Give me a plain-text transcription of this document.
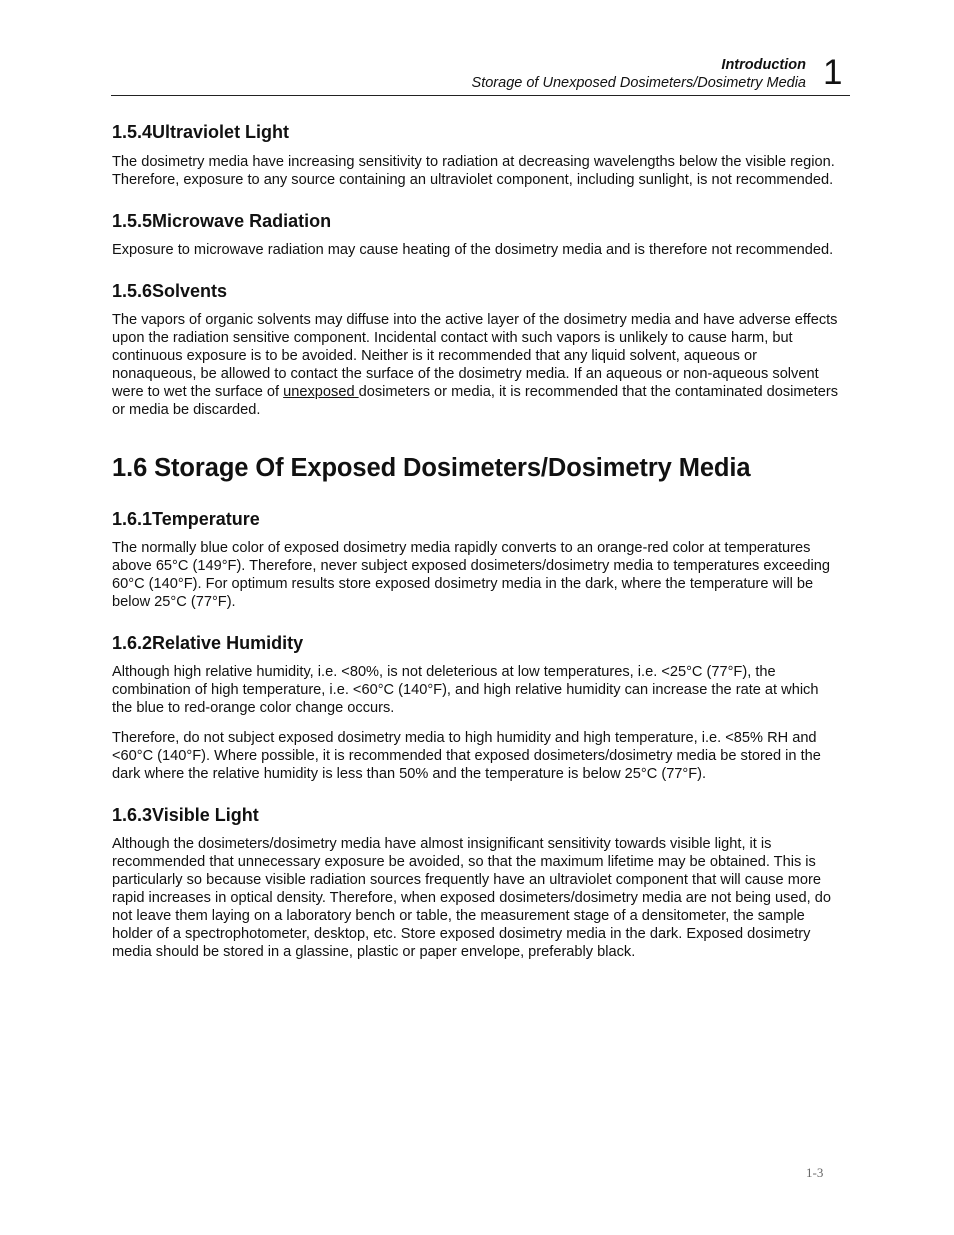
Introduction
Storage of Unexposed Dosimeters/Dosimetry Media 1
1.5.4Ultraviolet Light

The dosimetry media have increasing sensitivity to radiation at decreasing wavelengths below the visible region. Therefore, exposure to any source containing an ultraviolet component, including sunlight, is not recommended.

1.5.5Microwave Radiation

Exposure to microwave radiation may cause heating of the dosimetry media and is therefore not recommended.

1.5.6Solvents

The vapors of organic solvents may diffuse into the active layer of the dosimetry media and have adverse effects upon the radiation sensitive component. Incidental contact with such vapors is unlikely to cause harm, but continuous exposure is to be avoided. Neither is it recommended that any liquid solvent, aqueous or nonaqueous, be allowed to contact the surface of the dosimetry media. If an aqueous or non-aqueous solvent were to wet the surface of unexposed dosimeters or media, it is recommended that the contaminated dosimeters or media be discarded.

1.6 Storage Of Exposed Dosimeters/Dosimetry Media
1.6.1Temperature

The normally blue color of exposed dosimetry media rapidly converts to an orange-red color at temperatures above 65°C (149°F). Therefore, never subject exposed dosimeters/dosimetry media to temperatures exceeding 60°C (140°F). For optimum results store exposed dosimetry media in the dark, where the temperature will be below 25°C (77°F).

1.6.2Relative Humidity

Although high relative humidity, i.e. <80%, is not deleterious at low temperatures, i.e. <25°C (77°F), the combination of high temperature, i.e. <60°C (140°F), and high relative humidity can increase the rate at which the blue to red-orange color change occurs.

Therefore, do not subject exposed dosimetry media to high humidity and high temperature, i.e. <85% RH and <60°C (140°F). Where possible, it is recommended that exposed dosimeters/dosimetry media be stored in the dark where the relative humidity is less than 50% and the temperature is below 25°C (77°F).

1.6.3Visible Light

Although the dosimeters/dosimetry media have almost insignificant sensitivity towards visible light, it is recommended that unnecessary exposure be avoided, so that the maximum lifetime may be obtained. This is particularly so because visible radiation sources frequently have an ultraviolet component that will cause more rapid increases in optical density. Therefore, when exposed dosimeters/dosimetry media are not being used, do not leave them laying on a laboratory bench or table, the measurement stage of a densitometer, the sample holder of a spectrophotometer, desktop, etc. Store exposed dosimetry media in the dark. Exposed dosimetry media should be stored in a glassine, plastic or paper envelope, preferably black.

1-3
